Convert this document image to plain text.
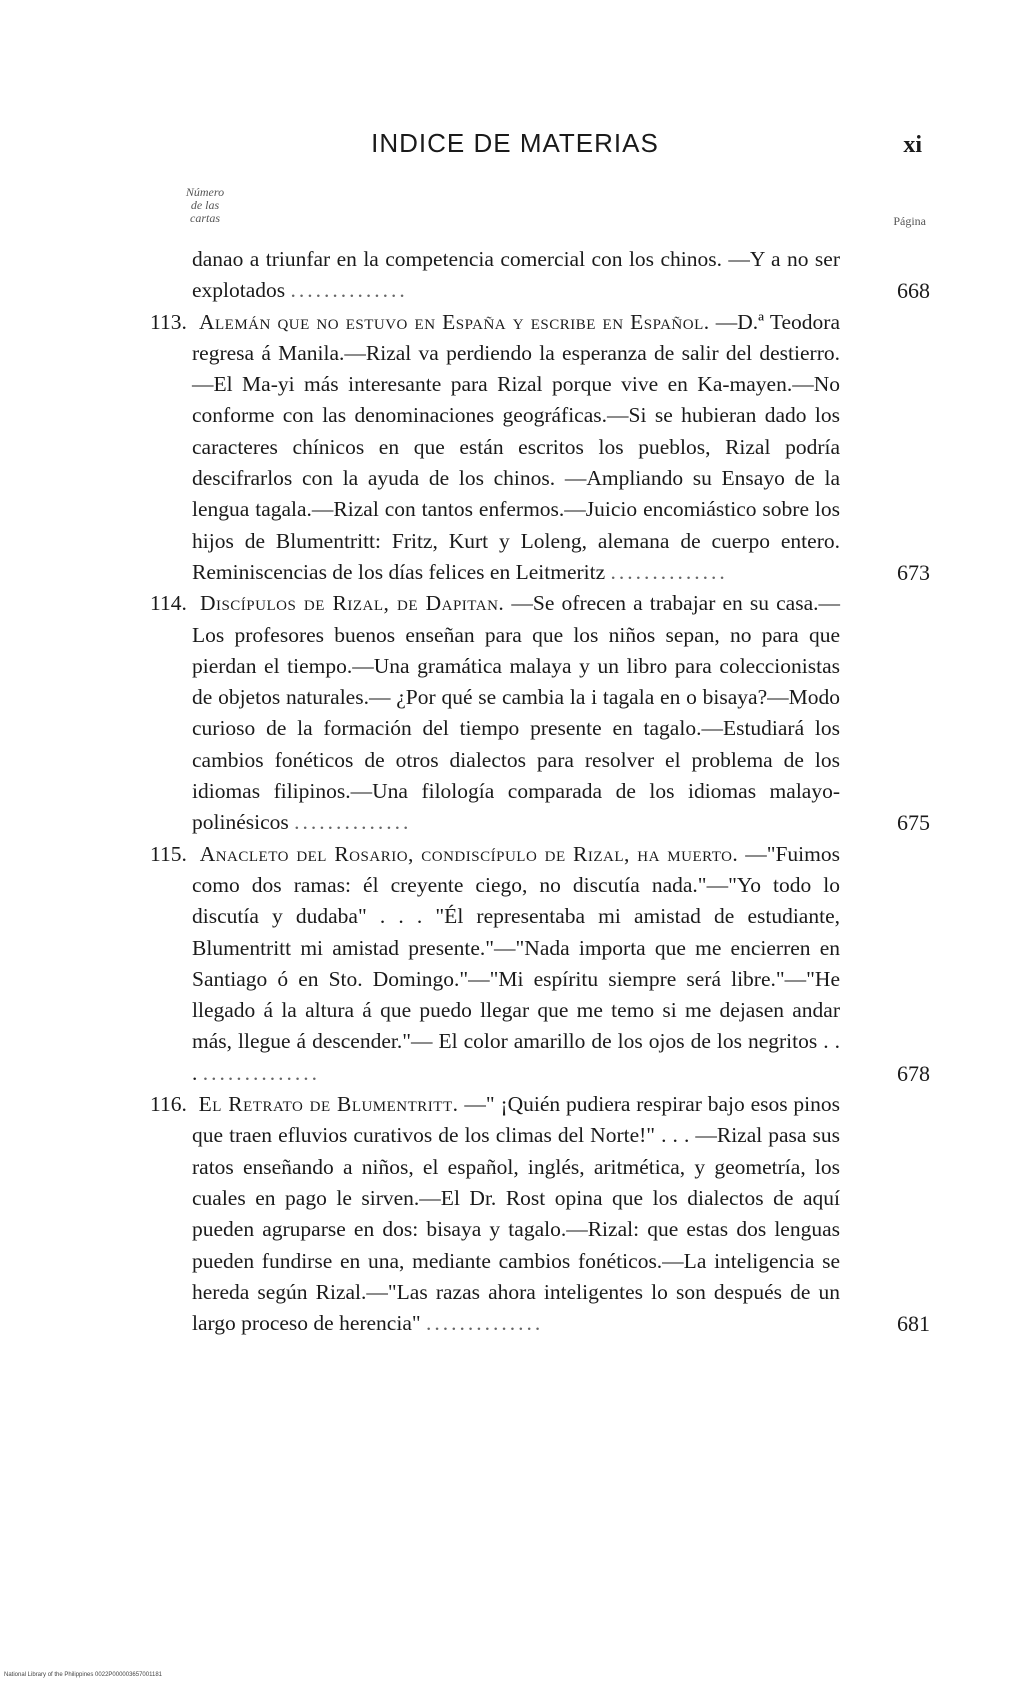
INDICE DE MATERIAS	xi
Número de las cartas	Página
danao a triunfar en la competencia comercial con los chinos. —Y a no ser explotados ..............	668
113. Alemán que no estuvo en España y escribe en Español. —D.ª Teodora regresa á Manila.—Rizal va perdiendo la esperanza de salir del destierro.—El Ma-yi más interesante para Rizal porque vive en Ka-mayen.—No conforme con las denominaciones geográficas.—Si se hubieran dado los caracteres chínicos en que están escritos los pueblos, Rizal podría descifrarlos con la ayuda de los chinos. —Ampliando su Ensayo de la lengua tagala.—Rizal con tantos enfermos.—Juicio encomiástico sobre los hijos de Blumentritt: Fritz, Kurt y Loleng, alemana de cuerpo entero. Reminiscencias de los días felices en Leitmeritz ..............	673
114. Discípulos de Rizal, de Dapitan. —Se ofrecen a trabajar en su casa.—Los profesores buenos enseñan para que los niños sepan, no para que pierdan el tiempo.—Una gramática malaya y un libro para coleccionistas de objetos naturales.— ¿Por qué se cambia la i tagala en o bisaya?—Modo curioso de la formación del tiempo presente en tagalo.—Estudiará los cambios fonéticos de otros dialectos para resolver el problema de los idiomas filipinos.—Una filología comparada de los idiomas malayo-polinésicos ..............	675
115. Anacleto del Rosario, condiscípulo de Rizal, ha muerto. —"Fuimos como dos ramas: él creyente ciego, no discutía nada."—"Yo todo lo discutía y dudaba" . . . "Él representaba mi amistad de estudiante, Blumentritt mi amistad presente."—"Nada importa que me encierren en Santiago ó en Sto. Domingo."—"Mi espíritu siempre será libre."—"He llegado á la altura á que puedo llegar que me temo si me dejasen andar más, llegue á descender."— El color amarillo de los ojos de los negritos . . . ..............	678
116. El Retrato de Blumentritt. —" ¡Quién pudiera respirar bajo esos pinos que traen efluvios curativos de los climas del Norte!" . . . —Rizal pasa sus ratos enseñando a niños, el español, inglés, aritmética, y geometría, los cuales en pago le sirven.—El Dr. Rost opina que los dialectos de aquí pueden agruparse en dos: bisaya y tagalo.—Rizal: que estas dos lenguas pueden fundirse en una, mediante cambios fonéticos.—La inteligencia se hereda según Rizal.—"Las razas ahora inteligentes lo son después de un largo proceso de herencia" ..............	681
National Library of the Philippines 0022P000003657001181
